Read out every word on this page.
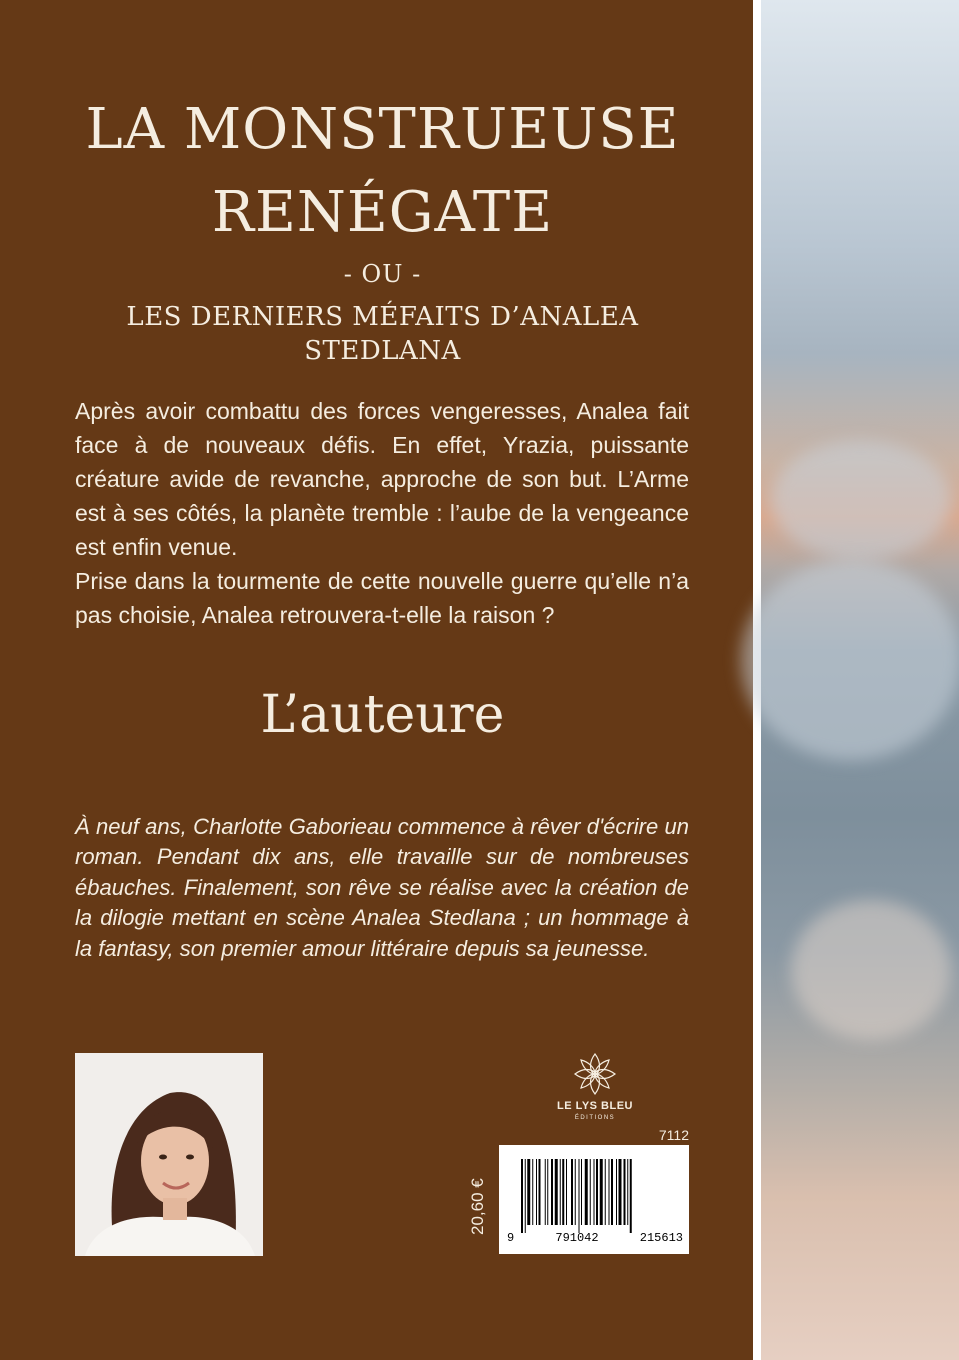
LA MONSTRUEUSE
RENÉGATE
- OU -
LES DERNIERS MÉFAITS D’ANALEA STEDLANA

Après avoir combattu des forces vengeresses, Analea fait face à de nouveaux défis. En effet, Yrazia, puissante créature avide de revanche, approche de son but. L’Arme est à ses côtés, la planète tremble : l’aube de la vengeance est enfin venue.

Prise dans la tourmente de cette nouvelle guerre qu’elle n’a pas choisie, Analea retrouvera-t-elle la raison ?

L’auteure
À neuf ans, Charlotte Gaborieau commence à rêver d'écrire un roman. Pendant dix ans, elle travaille sur de nombreuses ébauches. Finalement, son rêve se réalise avec la création de la dilogie mettant en scène Analea Stedlana ; un hommage à la fantasy, son premier amour littéraire depuis sa jeunesse.
LE LYS BLEU
ÉDITIONS
7112
9	791042	215613
20,60 €
